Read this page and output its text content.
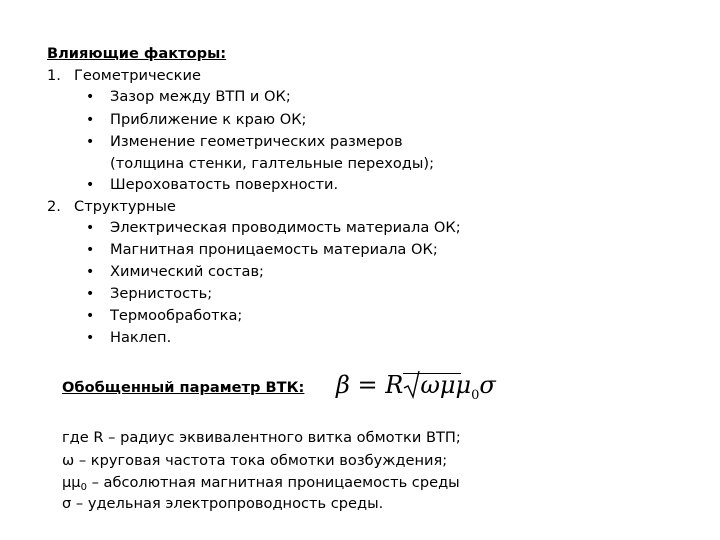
Влияющие факторы:
1. Геометрические
• Зазор между ВТП и ОК;
• Приближение к краю ОК;
• Изменение геометрических размеров
(толщина стенки, галтельные переходы);
• Шероховатость поверхности.
2. Структурные
• Электрическая проводимость материала ОК;
• Магнитная проницаемость материала ОК;
• Химический состав;
• Зернистость;
• Термообработка;
• Наклеп.
Обобщенный параметр ВТК: β = R ωμμ$_0$σ
где R – радиус эквивалентного витка обмотки ВТП;
ω – круговая частота тока обмотки возбуждения;
$\mu\mu_0$ – абсолютная магнитная проницаемость среды
σ – удельная электропроводность среды.
